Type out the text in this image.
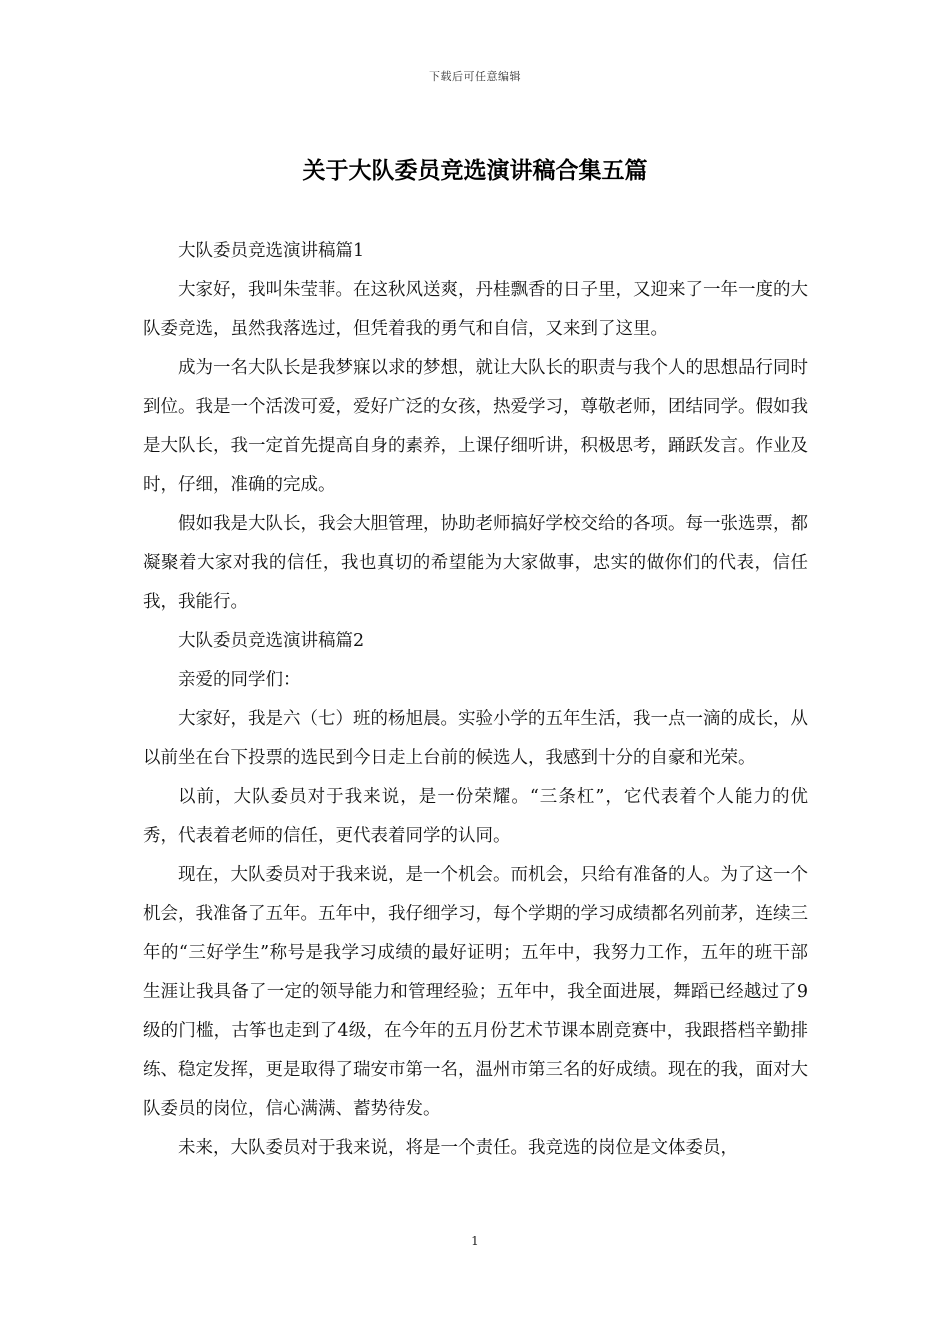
下载后可任意编辑
关于大队委员竞选演讲稿合集五篇

大队委员竞选演讲稿篇1

大家好，我叫朱莹菲。在这秋风送爽，丹桂飘香的日子里，又迎来了一年一度的大队委竞选，虽然我落选过，但凭着我的勇气和自信，又来到了这里。

成为一名大队长是我梦寐以求的梦想，就让大队长的职责与我个人的思想品行同时到位。我是一个活泼可爱，爱好广泛的女孩，热爱学习，尊敬老师，团结同学。假如我是大队长，我一定首先提高自身的素养，上课仔细听讲，积极思考，踊跃发言。作业及时，仔细，准确的完成。

假如我是大队长，我会大胆管理，协助老师搞好学校交给的各项。每一张选票，都凝聚着大家对我的信任，我也真切的希望能为大家做事，忠实的做你们的代表，信任我，我能行。

大队委员竞选演讲稿篇2

亲爱的同学们：

大家好，我是六（七）班的杨旭晨。实验小学的五年生活，我一点一滴的成长，从以前坐在台下投票的选民到今日走上台前的候选人，我感到十分的自豪和光荣。

以前，大队委员对于我来说，是一份荣耀。“三条杠”，它代表着个人能力的优秀，代表着老师的信任，更代表着同学的认同。

现在，大队委员对于我来说，是一个机会。而机会，只给有准备的人。为了这一个机会，我准备了五年。五年中，我仔细学习，每个学期的学习成绩都名列前茅，连续三年的“三好学生”称号是我学习成绩的最好证明；五年中，我努力工作，五年的班干部生涯让我具备了一定的领导能力和管理经验；五年中，我全面进展，舞蹈已经越过了9级的门槛，古筝也走到了4级，在今年的五月份艺术节课本剧竞赛中，我跟搭档辛勤排练、稳定发挥，更是取得了瑞安市第一名，温州市第三名的好成绩。现在的我，面对大队委员的岗位，信心满满、蓄势待发。

未来，大队委员对于我来说，将是一个责任。我竞选的岗位是文体委员，

1
